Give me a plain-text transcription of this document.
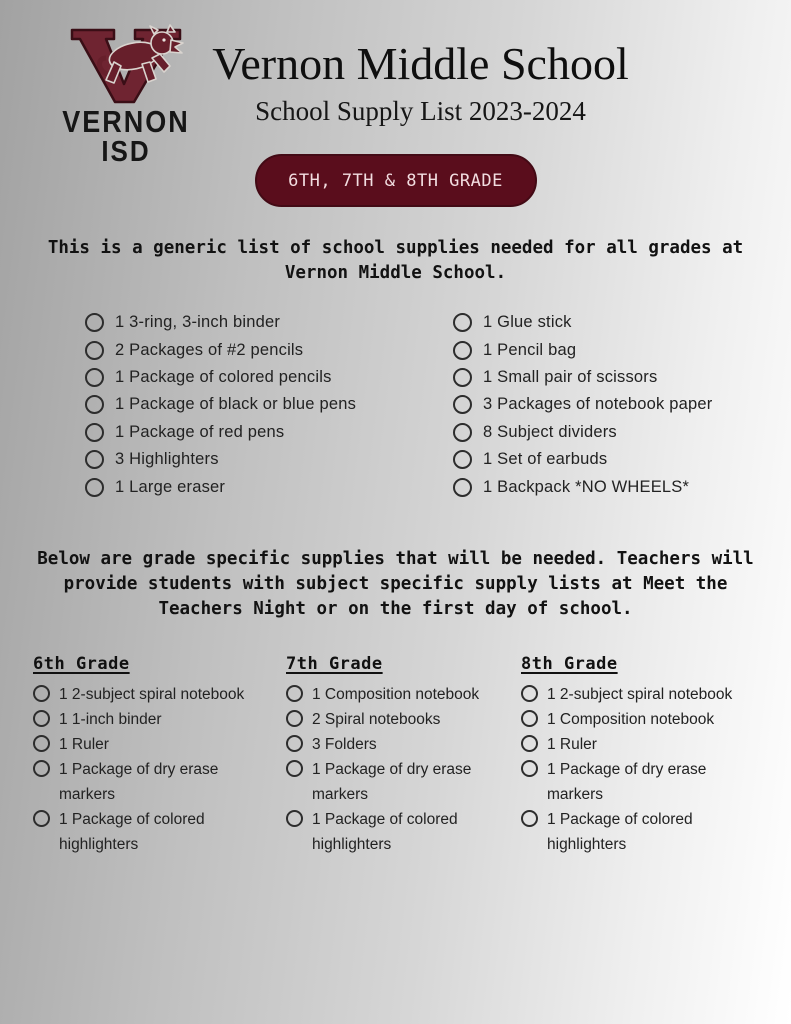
VERNON
ISD
Vernon Middle School
School Supply List 2023-2024
6TH, 7TH & 8TH GRADE
This is a generic list of school supplies needed for all grades at Vernon Middle School.
1 3-ring, 3-inch binder
2 Packages of #2 pencils
1 Package of colored pencils
1 Package of black or blue pens
1 Package of red pens
3 Highlighters
1 Large eraser
1 Glue stick
1 Pencil bag
1 Small pair of scissors
3 Packages of notebook paper
8 Subject dividers
1 Set of earbuds
1 Backpack *NO WHEELS*
Below are grade specific supplies that will be needed. Teachers will provide students with subject specific supply lists at Meet the Teachers Night or on the first day of school.
6th Grade
1 2-subject spiral notebook
1 1-inch binder
1 Ruler
1 Package of dry erase markers
1 Package of colored highlighters
7th Grade
1 Composition notebook
2 Spiral notebooks
3 Folders
1 Package of dry erase markers
1 Package of colored highlighters
8th Grade
1 2-subject spiral notebook
1 Composition notebook
1 Ruler
1 Package of dry erase markers
1 Package of colored highlighters
